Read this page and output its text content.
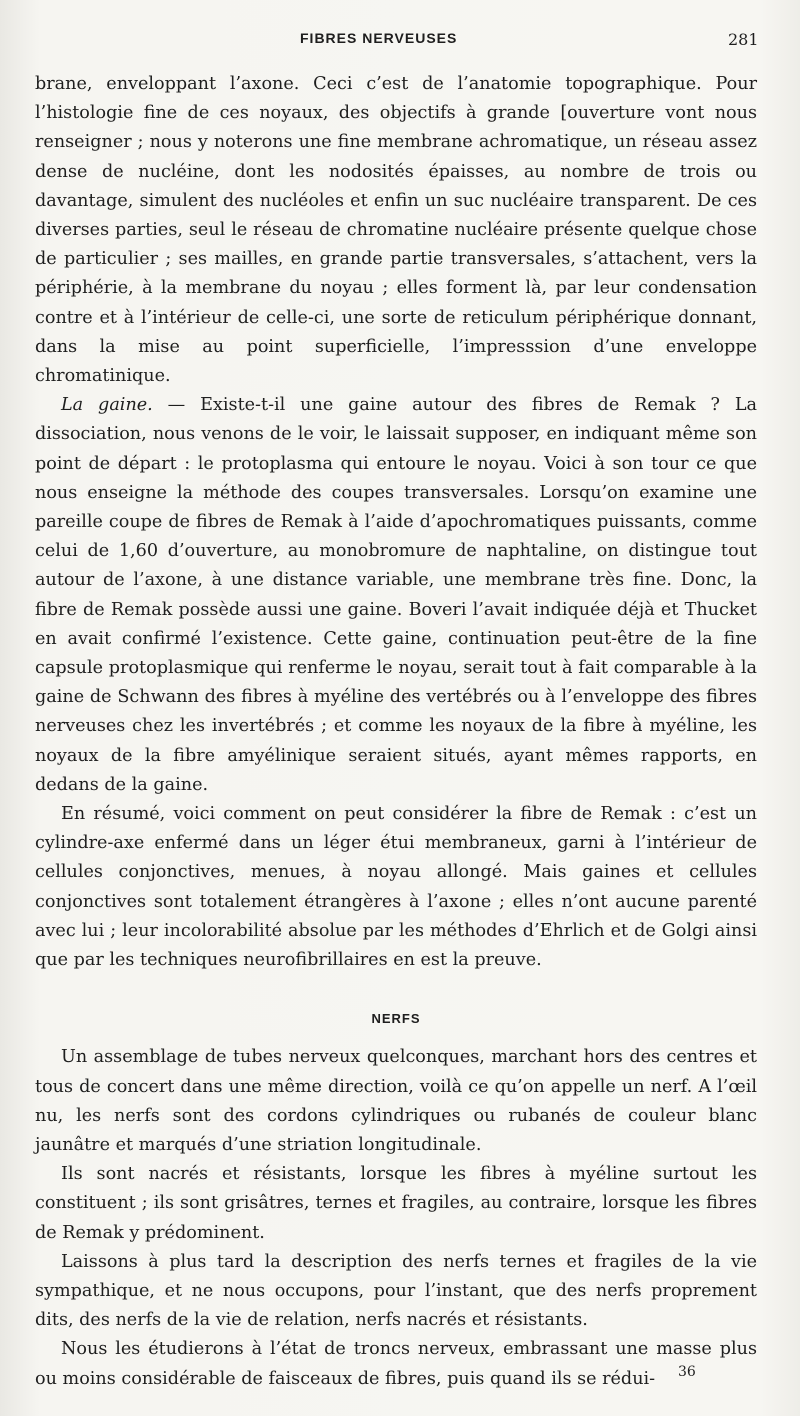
FIBRES NERVEUSES	281

brane, enveloppant l’axone. Ceci c’est de l’anatomie topographique. Pour l’histologie fine de ces noyaux, des objectifs à grande [ouverture vont nous renseigner ; nous y noterons une fine membrane achromatique, un réseau assez dense de nucléine, dont les nodosités épaisses, au nombre de trois ou davantage, simulent des nucléoles et enfin un suc nucléaire transparent. De ces diverses parties, seul le réseau de chromatine nucléaire présente quelque chose de particulier ; ses mailles, en grande partie transversales, s’attachent, vers la périphérie, à la membrane du noyau ; elles forment là, par leur condensation contre et à l’intérieur de celle-ci, une sorte de reticulum périphérique donnant, dans la mise au point superficielle, l’impresssion d’une enveloppe chromatinique.

La gaine. — Existe-t-il une gaine autour des fibres de Remak ? La dissociation, nous venons de le voir, le laissait supposer, en indiquant même son point de départ : le protoplasma qui entoure le noyau. Voici à son tour ce que nous enseigne la méthode des coupes transversales. Lorsqu’on examine une pareille coupe de fibres de Remak à l’aide d’apochromatiques puissants, comme celui de 1,60 d’ouverture, au monobromure de naphtaline, on distingue tout autour de l’axone, à une distance variable, une membrane très fine. Donc, la fibre de Remak possède aussi une gaine. Boveri l’avait indiquée déjà et Thucket en avait confirmé l’existence. Cette gaine, continuation peut-être de la fine capsule protoplasmique qui renferme le noyau, serait tout à fait comparable à la gaine de Schwann des fibres à myéline des vertébrés ou à l’enveloppe des fibres nerveuses chez les invertébrés ; et comme les noyaux de la fibre à myéline, les noyaux de la fibre amyélinique seraient situés, ayant mêmes rapports, en dedans de la gaine.

En résumé, voici comment on peut considérer la fibre de Remak : c’est un cylindre-axe enfermé dans un léger étui membraneux, garni à l’intérieur de cellules conjonctives, menues, à noyau allongé. Mais gaines et cellules conjonctives sont totalement étrangères à l’axone ; elles n’ont aucune parenté avec lui ; leur incolorabilité absolue par les méthodes d’Ehrlich et de Golgi ainsi que par les techniques neurofibrillaires en est la preuve.

NERFS

Un assemblage de tubes nerveux quelconques, marchant hors des centres et tous de concert dans une même direction, voilà ce qu’on appelle un nerf. A l’œil nu, les nerfs sont des cordons cylindriques ou rubanés de couleur blanc jaunâtre et marqués d’une striation longitudinale.

Ils sont nacrés et résistants, lorsque les fibres à myéline surtout les constituent ; ils sont grisâtres, ternes et fragiles, au contraire, lorsque les fibres de Remak y prédominent.

Laissons à plus tard la description des nerfs ternes et fragiles de la vie sympathique, et ne nous occupons, pour l’instant, que des nerfs proprement dits, des nerfs de la vie de relation, nerfs nacrés et résistants.

Nous les étudierons à l’état de troncs nerveux, embrassant une masse plus ou moins considérable de faisceaux de fibres, puis quand ils se rédui-	36
